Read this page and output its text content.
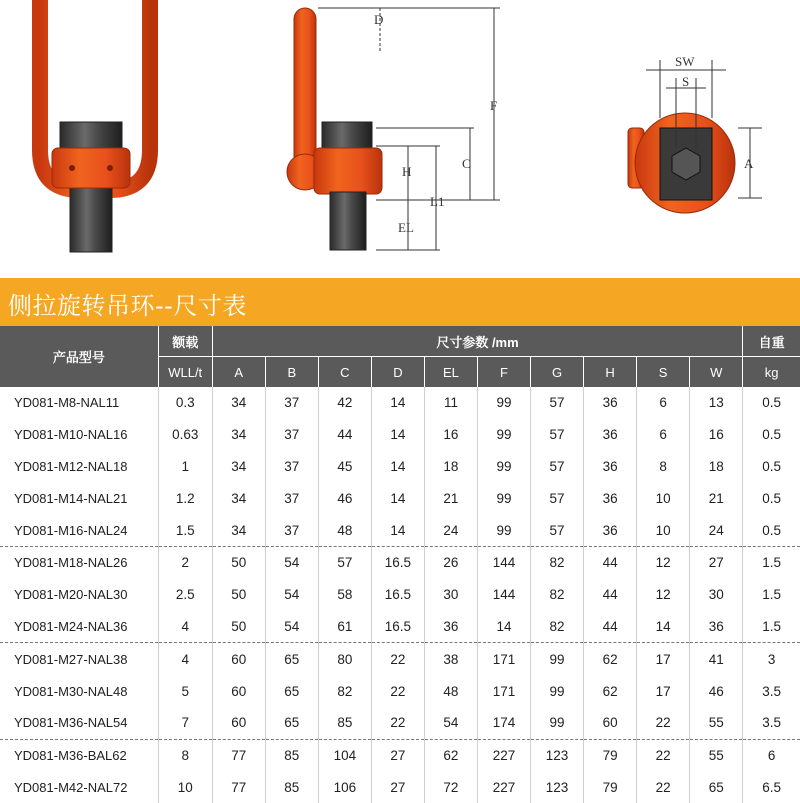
D
F
C
H
L1
EL
SW
S
A
侧拉旋转吊环--尺寸表
产品型号	额载	尺寸参数 /mm										自重
	WLL/t	A	B	C	D	EL	F	G	H	S	W	kg
YD081-M8-NAL11	0.3	34	37	42	14	11	99	57	36	6	13	0.5
YD081-M10-NAL16	0.63	34	37	44	14	16	99	57	36	6	16	0.5
YD081-M12-NAL18	1	34	37	45	14	18	99	57	36	8	18	0.5
YD081-M14-NAL21	1.2	34	37	46	14	21	99	57	36	10	21	0.5
YD081-M16-NAL24	1.5	34	37	48	14	24	99	57	36	10	24	0.5
YD081-M18-NAL26	2	50	54	57	16.5	26	144	82	44	12	27	1.5
YD081-M20-NAL30	2.5	50	54	58	16.5	30	144	82	44	12	30	1.5
YD081-M24-NAL36	4	50	54	61	16.5	36	14	82	44	14	36	1.5
YD081-M27-NAL38	4	60	65	80	22	38	171	99	62	17	41	3
YD081-M30-NAL48	5	60	65	82	22	48	171	99	62	17	46	3.5
YD081-M36-NAL54	7	60	65	85	22	54	174	99	60	22	55	3.5
YD081-M36-BAL62	8	77	85	104	27	62	227	123	79	22	55	6
YD081-M42-NAL72	10	77	85	106	27	72	227	123	79	22	65	6.5
